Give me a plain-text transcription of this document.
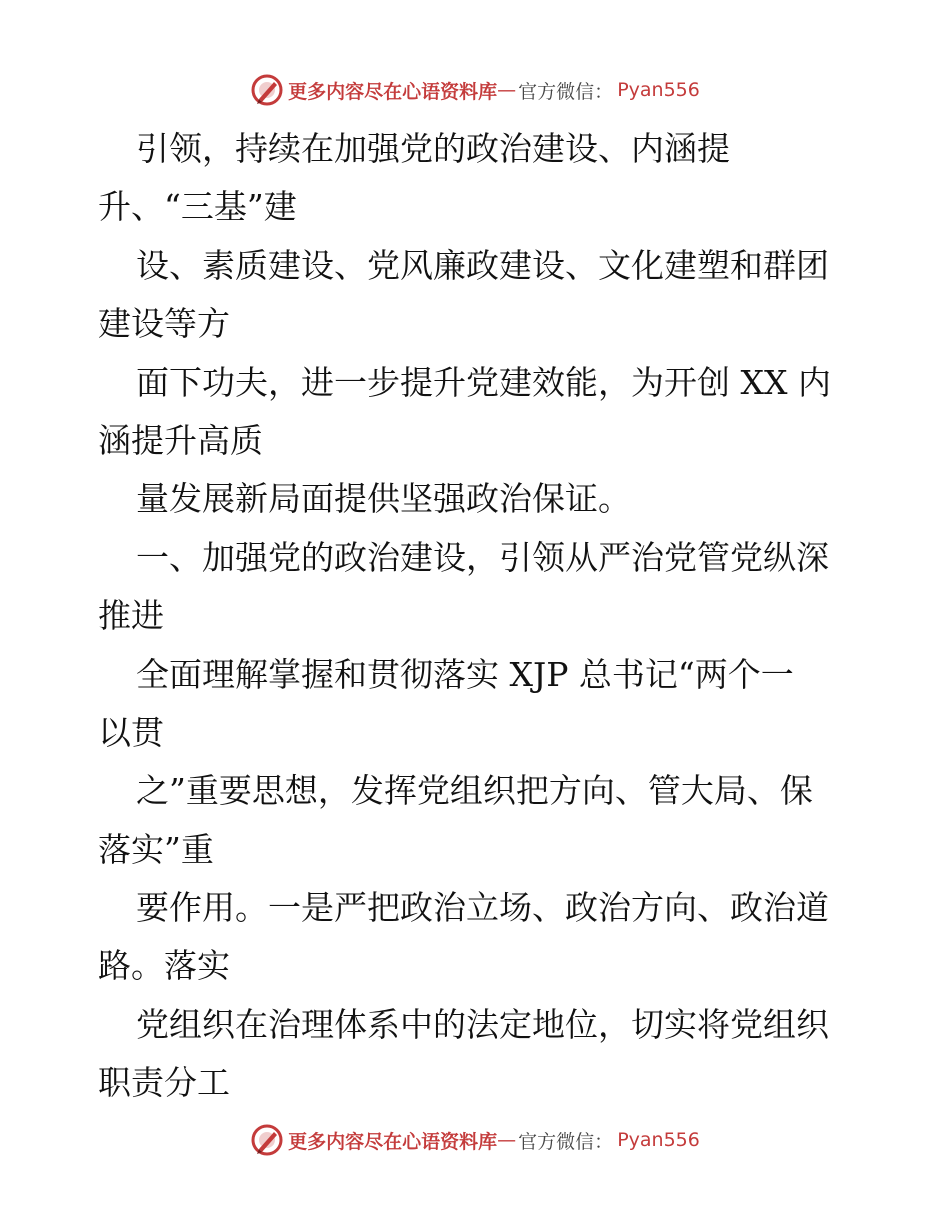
更多内容尽在心语资料库 — 官方微信： Pyan556
引领，持续在加强党的政治建设、内涵提
升、“三基”建
设、素质建设、党风廉政建设、文化建塑和群团
建设等方
面下功夫，进一步提升党建效能，为开创 XX 内
涵提升高质
量发展新局面提供坚强政治保证。
一、加强党的政治建设，引领从严治党管党纵深
推进
全面理解掌握和贯彻落实 XJP 总书记“两个一
以贯
之”重要思想，发挥党组织把方向、管大局、保
落实”重
要作用。一是严把政治立场、政治方向、政治道
路。落实
党组织在治理体系中的法定地位，切实将党组织
职责分工
更多内容尽在心语资料库 — 官方微信： Pyan556
